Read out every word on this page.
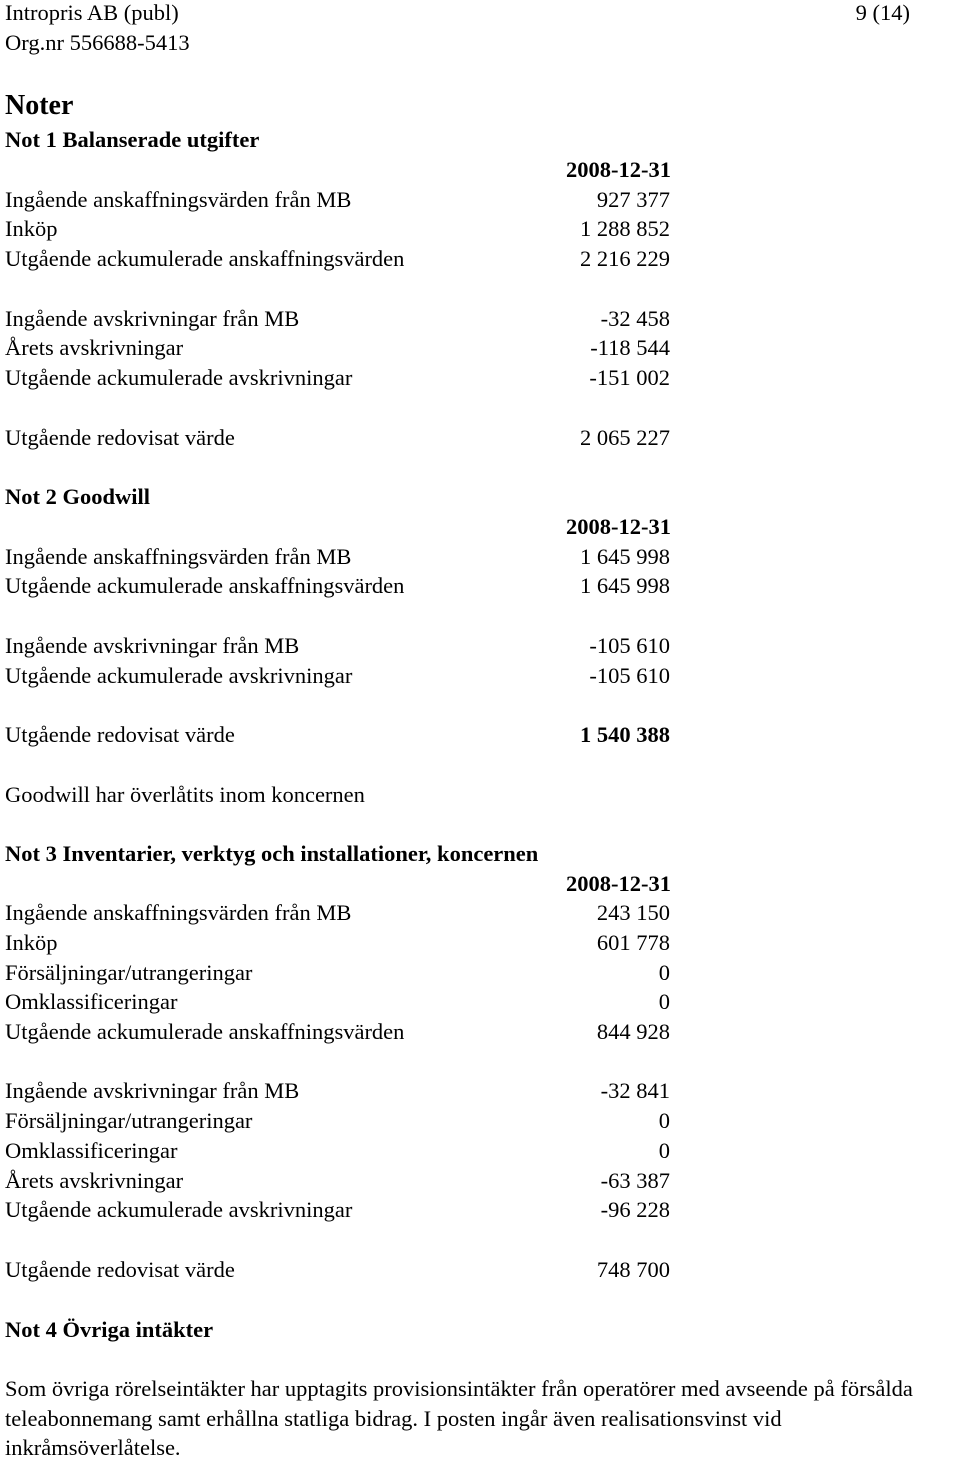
Intropris AB (publ)
Org.nr 556688-5413
9 (14)
Noter
Not 1 Balanserade utgifter
2008-12-31
Ingående anskaffningsvärden från MB	927 377
Inköp	1 288 852
Utgående ackumulerade anskaffningsvärden	2 216 229
Ingående avskrivningar från MB	-32 458
Årets avskrivningar	-118 544
Utgående ackumulerade avskrivningar	-151 002
Utgående redovisat värde	2 065 227
Not 2 Goodwill
2008-12-31
Ingående anskaffningsvärden från MB	1 645 998
Utgående ackumulerade anskaffningsvärden	1 645 998
Ingående avskrivningar från MB	-105 610
Utgående ackumulerade avskrivningar	-105 610
Utgående redovisat värde	1 540 388
Goodwill har överlåtits inom koncernen
Not 3 Inventarier, verktyg och installationer, koncernen
2008-12-31
Ingående anskaffningsvärden från MB	243 150
Inköp	601 778
Försäljningar/utrangeringar	0
Omklassificeringar	0
Utgående ackumulerade anskaffningsvärden	844 928
Ingående avskrivningar från MB	-32 841
Försäljningar/utrangeringar	0
Omklassificeringar	0
Årets avskrivningar	-63 387
Utgående ackumulerade avskrivningar	-96 228
Utgående redovisat värde	748 700
Not 4 Övriga intäkter
Som övriga rörelseintäkter har upptagits provisionsintäkter från operatörer med avseende på försålda teleabonnemang samt erhållna statliga bidrag. I posten ingår även realisationsvinst vid inkråmsöverlåtelse.
